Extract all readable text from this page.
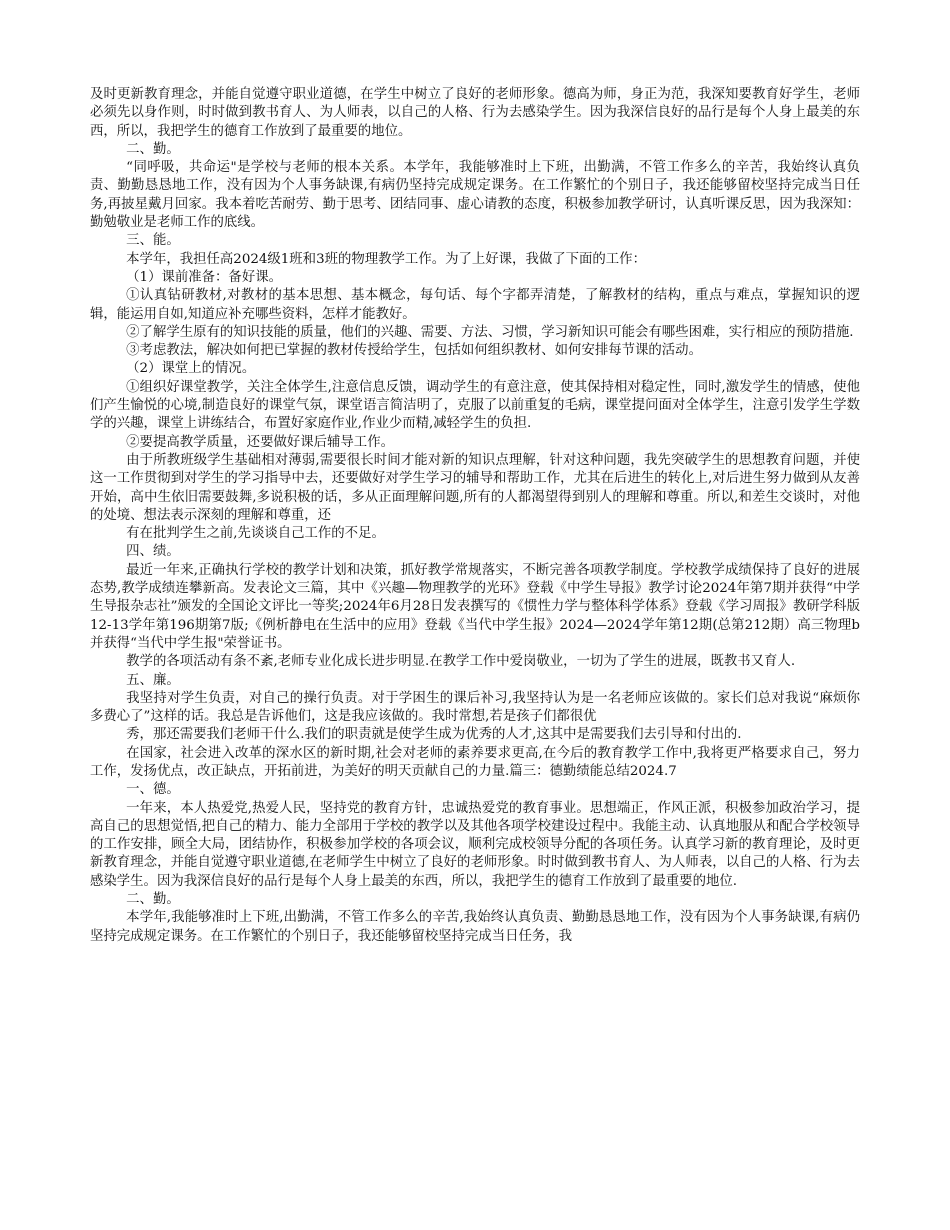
及时更新教育理念，并能自觉遵守职业道德，在学生中树立了良好的老师形象。德高为师，身正为范，我深知要教育好学生，老师必须先以身作则，时时做到教书育人、为人师表，以自己的人格、行为去感染学生。因为我深信良好的品行是每个人身上最美的东西，所以，我把学生的德育工作放到了最重要的地位。

二、勤。

“同呼吸，共命运"是学校与老师的根本关系。本学年，我能够准时上下班，出勤满，不管工作多么的辛苦，我始终认真负责、勤勤恳恳地工作，没有因为个人事务缺课,有病仍坚持完成规定课务。在工作繁忙的个别日子，我还能够留校坚持完成当日任务,再披星戴月回家。我本着吃苦耐劳、勤于思考、团结同事、虚心请教的态度，积极参加教学研讨，认真听课反思，因为我深知：勤勉敬业是老师工作的底线。

三、能。

本学年，我担任高2024级1班和3班的物理教学工作。为了上好课，我做了下面的工作：

（1）课前准备：备好课。

①认真钻研教材,对教材的基本思想、基本概念，每句话、每个字都弄清楚，了解教材的结构，重点与难点，掌握知识的逻辑，能运用自如,知道应补充哪些资料，怎样才能教好。

②了解学生原有的知识技能的质量，他们的兴趣、需要、方法、习惯，学习新知识可能会有哪些困难，实行相应的预防措施.

③考虑教法，解决如何把已掌握的教材传授给学生，包括如何组织教材、如何安排每节课的活动。

（2）课堂上的情况。

①组织好课堂教学，关注全体学生,注意信息反馈，调动学生的有意注意，使其保持相对稳定性，同时,激发学生的情感，使他们产生愉悦的心境,制造良好的课堂气氛，课堂语言简洁明了，克服了以前重复的毛病，课堂提问面对全体学生，注意引发学生学数学的兴趣，课堂上讲练结合，布置好家庭作业,作业少而精,减轻学生的负担.

②要提高教学质量，还要做好课后辅导工作。

由于所教班级学生基础相对薄弱,需要很长时间才能对新的知识点理解，针对这种问题，我先突破学生的思想教育问题，并使这一工作贯彻到对学生的学习指导中去，还要做好对学生学习的辅导和帮助工作，尤其在后进生的转化上,对后进生努力做到从友善开始，高中生依旧需要鼓舞,多说积极的话，多从正面理解问题,所有的人都渴望得到别人的理解和尊重。所以,和差生交谈时，对他的处境、想法表示深刻的理解和尊重，还

有在批判学生之前,先谈谈自己工作的不足。

四、绩。

最近一年来,正确执行学校的教学计划和决策，抓好教学常规落实，不断完善各项教学制度。学校教学成绩保持了良好的进展态势,教学成绩连攀新高。发表论文三篇，其中《兴趣—物理教学的光环》登载《中学生导报》教学讨论2024年第7期并获得“中学生导报杂志社”颁发的全国论文评比一等奖;2024年6月28日发表撰写的《惯性力学与整体科学体系》登载《学习周报》教研学科版12-13学年第196期第7版;《例析静电在生活中的应用》登载《当代中学生报》2024—2024学年第12期(总第212期）高三物理b并获得“当代中学生报"荣誉证书。

教学的各项活动有条不紊,老师专业化成长进步明显.在教学工作中爱岗敬业，一切为了学生的进展，既教书又育人.

五、廉。

我坚持对学生负责，对自己的操行负责。对于学困生的课后补习,我坚持认为是一名老师应该做的。家长们总对我说“麻烦你多费心了”这样的话。我总是告诉他们，这是我应该做的。我时常想,若是孩子们都很优

秀，那还需要我们老师干什么.我们的职责就是使学生成为优秀的人才,这其中是需要我们去引导和付出的.

在国家，社会进入改革的深水区的新时期,社会对老师的素养要求更高,在今后的教育教学工作中,我将更严格要求自己，努力工作，发扬优点，改正缺点，开拓前进，为美好的明天贡献自己的力量.篇三：德勤绩能总结2024.7

一、德。

一年来，本人热爱党,热爱人民，坚持党的教育方针，忠诚热爱党的教育事业。思想端正，作风正派，积极参加政治学习，提高自己的思想觉悟,把自己的精力、能力全部用于学校的教学以及其他各项学校建设过程中。我能主动、认真地服从和配合学校领导的工作安排，顾全大局，团结协作，积极参加学校的各项会议，顺利完成校领导分配的各项任务。认真学习新的教育理论，及时更新教育理念，并能自觉遵守职业道德,在老师学生中树立了良好的老师形象。时时做到教书育人、为人师表，以自己的人格、行为去感染学生。因为我深信良好的品行是每个人身上最美的东西，所以，我把学生的德育工作放到了最重要的地位.

二、勤。

本学年,我能够准时上下班,出勤满，不管工作多么的辛苦,我始终认真负责、勤勤恳恳地工作，没有因为个人事务缺课,有病仍坚持完成规定课务。在工作繁忙的个别日子，我还能够留校坚持完成当日任务，我
